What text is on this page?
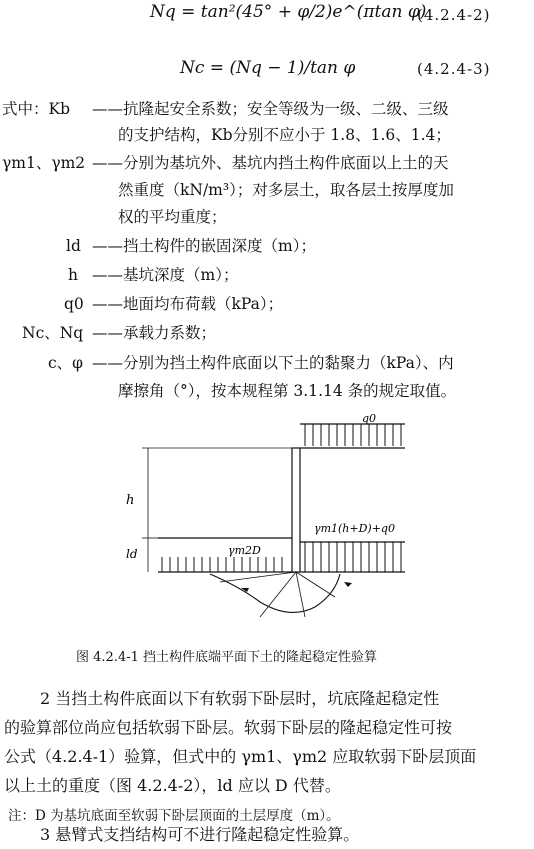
Nq = tan²(45° + φ/2)e^(πtan φ)
(4.2.4-2)
Nc = (Nq − 1)/tan φ	(4.2.4-3)
式中：Kb ——抗隆起安全系数；安全等级为一级、二级、三级
的支护结构，Kb分别不应小于 1.8、1.6、1.4；
γm1、γm2 ——分别为基坑外、基坑内挡土构件底面以上土的天
然重度（kN/m³）；对多层土，取各层土按厚度加
权的平均重度；
ld ——挡土构件的嵌固深度（m）；
h ——基坑深度（m）；
q0 ——地面均布荷载（kPa）；
Nc、Nq ——承载力系数；
c、φ ——分别为挡土构件底面以下土的黏聚力（kPa）、内
摩擦角（°），按本规程第 3.1.14 条的规定取值。
q0
h
ld	γm2D
γm1(h+D)+q0
图 4.2.4-1 挡土构件底端平面下土的隆起稳定性验算
2 当挡土构件底面以下有软弱下卧层时，坑底隆起稳定性
的验算部位尚应包括软弱下卧层。软弱下卧层的隆起稳定性可按
公式（4.2.4-1）验算，但式中的 γm1、γm2 应取软弱下卧层顶面
以上土的重度（图 4.2.4-2），ld 应以 D 代替。
注：D 为基坑底面至软弱下卧层顶面的土层厚度（m）。
3 悬臂式支挡结构可不进行隆起稳定性验算。
